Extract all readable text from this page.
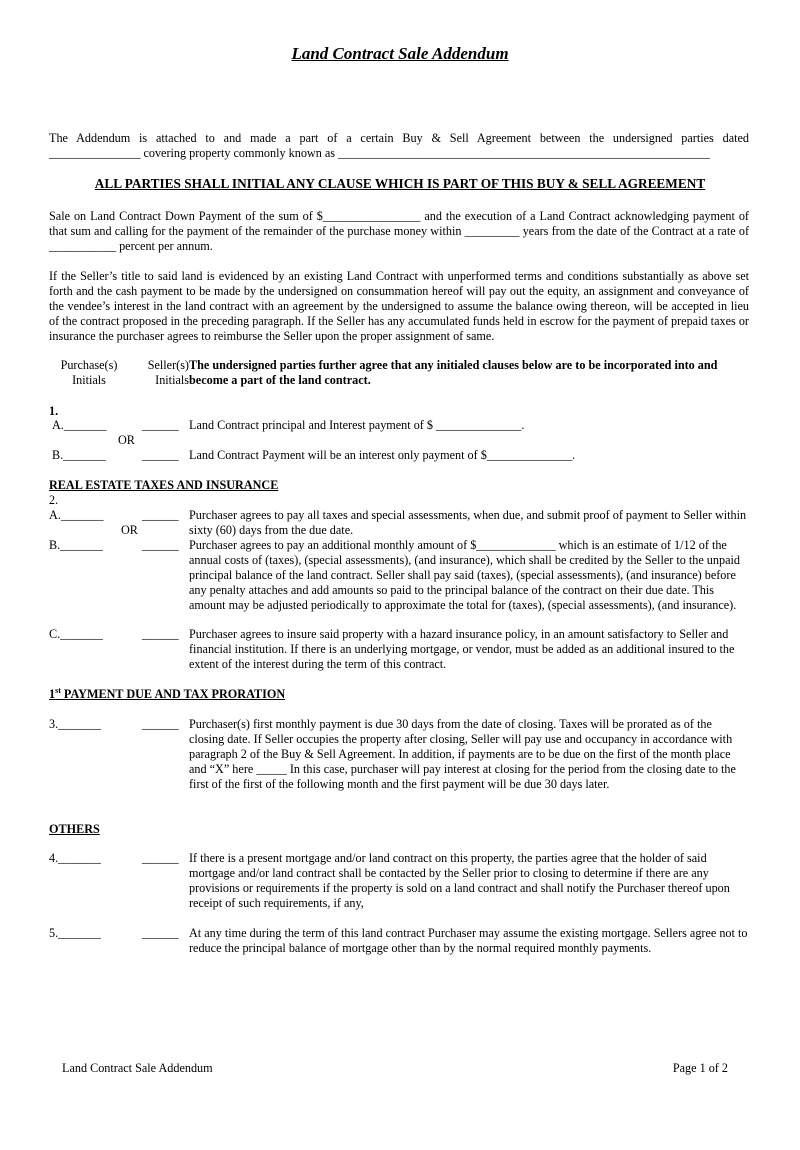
Land Contract Sale Addendum
The Addendum is attached to and made a part of a certain Buy & Sell Agreement between the undersigned parties dated
_______________ covering property commonly known as _____________________________________________________________
ALL PARTIES SHALL INITIAL ANY CLAUSE WHICH IS PART OF THIS BUY & SELL AGREEMENT
Sale on Land Contract Down Payment of the sum of $________________ and the execution of a Land Contract acknowledging payment of that sum and calling for the payment of the remainder of the purchase money within _________ years from the date of the Contract at a rate of ___________ percent per annum.
If the Seller’s title to said land is evidenced by an existing Land Contract with unperformed terms and conditions substantially as above set forth and the cash payment to be made by the undersigned on consummation hereof will pay out the equity, an assignment and conveyance of the vendee’s interest in the land contract with an agreement by the undersigned to assume the balance owing thereon, will be accepted in lieu of the contract proposed in the preceding paragraph. If the Seller has any accumulated funds held in escrow for the payment of prepaid taxes or insurance the purchaser agrees to reimburse the Seller upon the proper assignment of same.
Purchase(s)
Initials
Seller(s)
Initials
The undersigned parties further agree that any initialed clauses below are to be incorporated into and become a part of the land contract.
1.
A._______	______ Land Contract principal and Interest payment of $ ______________.
OR
B._______	______ Land Contract Payment will be an interest only payment of $______________.
REAL ESTATE TAXES AND INSURANCE
2.
A._______	______ Purchaser agrees to pay all taxes and special assessments, when due, and submit proof of payment to Seller within sixty (60) days from the due date.
OR
B._______	______ Purchaser agrees to pay an additional monthly amount of $_____________ which is an estimate of 1/12 of the annual costs of (taxes), (special assessments), (and insurance), which shall be credited by the Seller to the unpaid principal balance of the land contract. Seller shall pay said (taxes), (special assessments), (and insurance) before any penalty attaches and add amounts so paid to the principal balance of the contract on their due date. This amount may be adjusted periodically to approximate the total for (taxes), (special assessments), (and insurance).
C._______	______ Purchaser agrees to insure said property with a hazard insurance policy, in an amount satisfactory to Seller and financial institution. If there is an underlying mortgage, or vendor, must be added as an additional insured to the extent of the interest during the term of this contract.
1st PAYMENT DUE AND TAX PRORATION
3._______	______ Purchaser(s) first monthly payment is due 30 days from the date of closing. Taxes will be prorated as of the closing date. If Seller occupies the property after closing, Seller will pay use and occupancy in accordance with paragraph 2 of the Buy & Sell Agreement. In addition, if payments are to be due on the first of the month place and “X” here _____ In this case, purchaser will pay interest at closing for the period from the closing date to the first of the first of the following month and the first payment will be due 30 days later.
OTHERS
4._______	______ If there is a present mortgage and/or land contract on this property, the parties agree that the holder of said mortgage and/or land contract shall be contacted by the Seller prior to closing to determine if there are any provisions or requirements if the property is sold on a land contract and shall notify the Purchaser thereof upon receipt of such requirements, if any,
5._______	______ At any time during the term of this land contract Purchaser may assume the existing mortgage. Sellers agree not to reduce the principal balance of mortgage other than by the normal required monthly payments.
Land Contract Sale Addendum	Page 1 of 2
